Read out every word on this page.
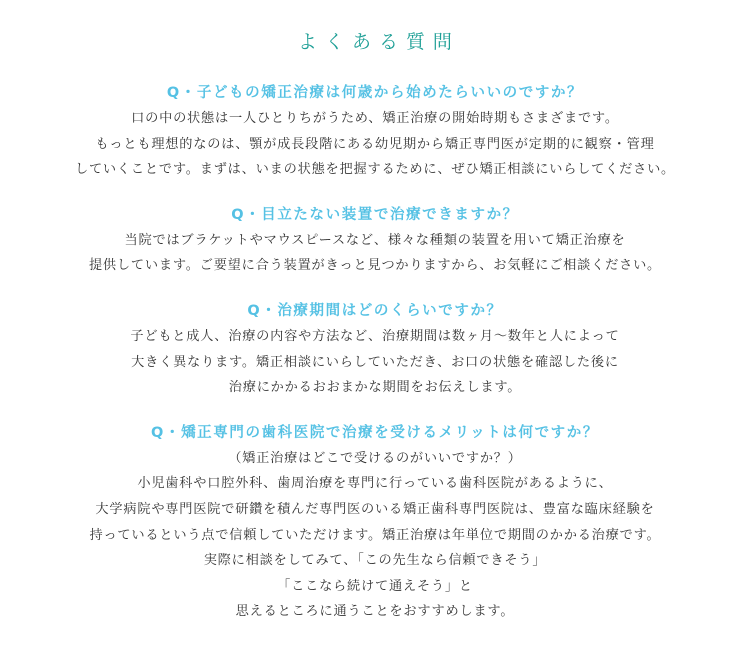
よくある質問

Q・子どもの矯正治療は何歳から始めたらいいのですか？

口の中の状態は一人ひとりちがうため、矯正治療の開始時期もさまざまです。
もっとも理想的なのは、顎が成長段階にある幼児期から矯正専門医が定期的に観察・管理
していくことです。まずは、いまの状態を把握するために、ぜひ矯正相談にいらしてください。

Q・目立たない装置で治療できますか？

当院ではブラケットやマウスピースなど、様々な種類の装置を用いて矯正治療を
提供しています。ご要望に合う装置がきっと見つかりますから、お気軽にご相談ください。

Q・治療期間はどのくらいですか？

子どもと成人、治療の内容や方法など、治療期間は数ヶ月～数年と人によって
大きく異なります。矯正相談にいらしていただき、お口の状態を確認した後に
治療にかかるおおまかな期間をお伝えします。

Q・矯正専門の歯科医院で治療を受けるメリットは何ですか？

（矯正治療はどこで受けるのがいいですか？）
小児歯科や口腔外科、歯周治療を専門に行っている歯科医院があるように、
大学病院や専門医院で研鑽を積んだ専門医のいる矯正歯科専門医院は、豊富な臨床経験を
持っているという点で信頼していただけます。矯正治療は年単位で期間のかかる治療です。
実際に相談をしてみて、「この先生なら信頼できそう」
「ここなら続けて通えそう」と
思えるところに通うことをおすすめします。
